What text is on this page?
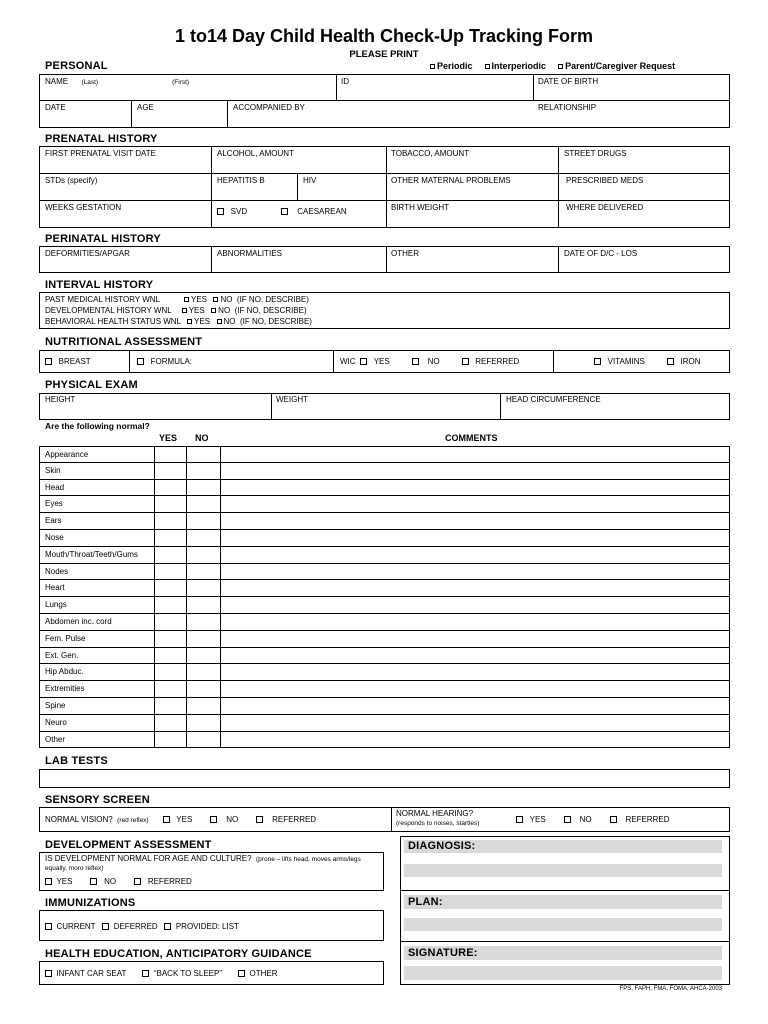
1 to14 Day Child Health Check-Up Tracking Form
PLEASE PRINT
PERSONAL	Periodic Interperiodic Parent/Caregiver Request
NAME (Last)	(First)	ID	DATE OF BIRTH
DATE	AGE	ACCOMPANIED BY	RELATIONSHIP
PRENATAL HISTORY
FIRST PRENATAL VISIT DATE	ALCOHOL, AMOUNT	TOBACCO, AMOUNT	STREET DRUGS
STDs (specify)	HEPATITIS B	HIV	OTHER MATERNAL PROBLEMS	PRESCRIBED MEDS
WEEKS GESTATION	SVD	CAESAREAN	BIRTH WEIGHT	WHERE DELIVERED
PERINATAL HISTORY
DEFORMITIES/APGAR	ABNORMALITIES	OTHER	DATE OF D/C - LOS
INTERVAL HISTORY
PAST MEDICAL HISTORY WNL	YES NO (IF NO, DESCRIBE)
DEVELOPMENTAL HISTORY WNL YES NO (IF NO, DESCRIBE)
BEHAVIORAL HEALTH STATUS WNL YES NO (IF NO, DESCRIBE)
NUTRITIONAL ASSESSMENT
BREAST	FORMULA:	WIC YES	NO	REFERRED	VITAMINS	IRON
PHYSICAL EXAM
HEIGHT	WEIGHT	HEAD CIRCUMFERENCE
Are the following normal?
YES NO	COMMENTS
Appearance
Skin
Head
Eyes
Ears
Nose
Mouth/Throat/Teeth/Gums
Nodes
Heart
Lungs
Abdomen inc. cord
Fem. Pulse
Ext. Gen.
Hip Abduc.
Extremities
Spine
Neuro
Other
LAB TESTS
SENSORY SCREEN
NORMAL VISION? (red reflex)	YES	NO	REFERRED
NORMAL HEARING?
(responds to noises, startles)	YES	NO	REFERRED
DEVELOPMENT ASSESSMENT
IS DEVELOPMENT NORMAL FOR AGE AND CULTURE? (prone – lifts head, moves arms/legs
equally, moro reflex)
YES	NO	REFERRED
IMMUNIZATIONS
CURRENT DEFERRED PROVIDED: LIST
HEALTH EDUCATION, ANTICIPATORY GUIDANCE
INFANT CAR SEAT	“BACK TO SLEEP”	OTHER
DIAGNOSIS:
PLAN:
SIGNATURE:
FPS, FAPH, FMA, FOMA, AHCA-2003
